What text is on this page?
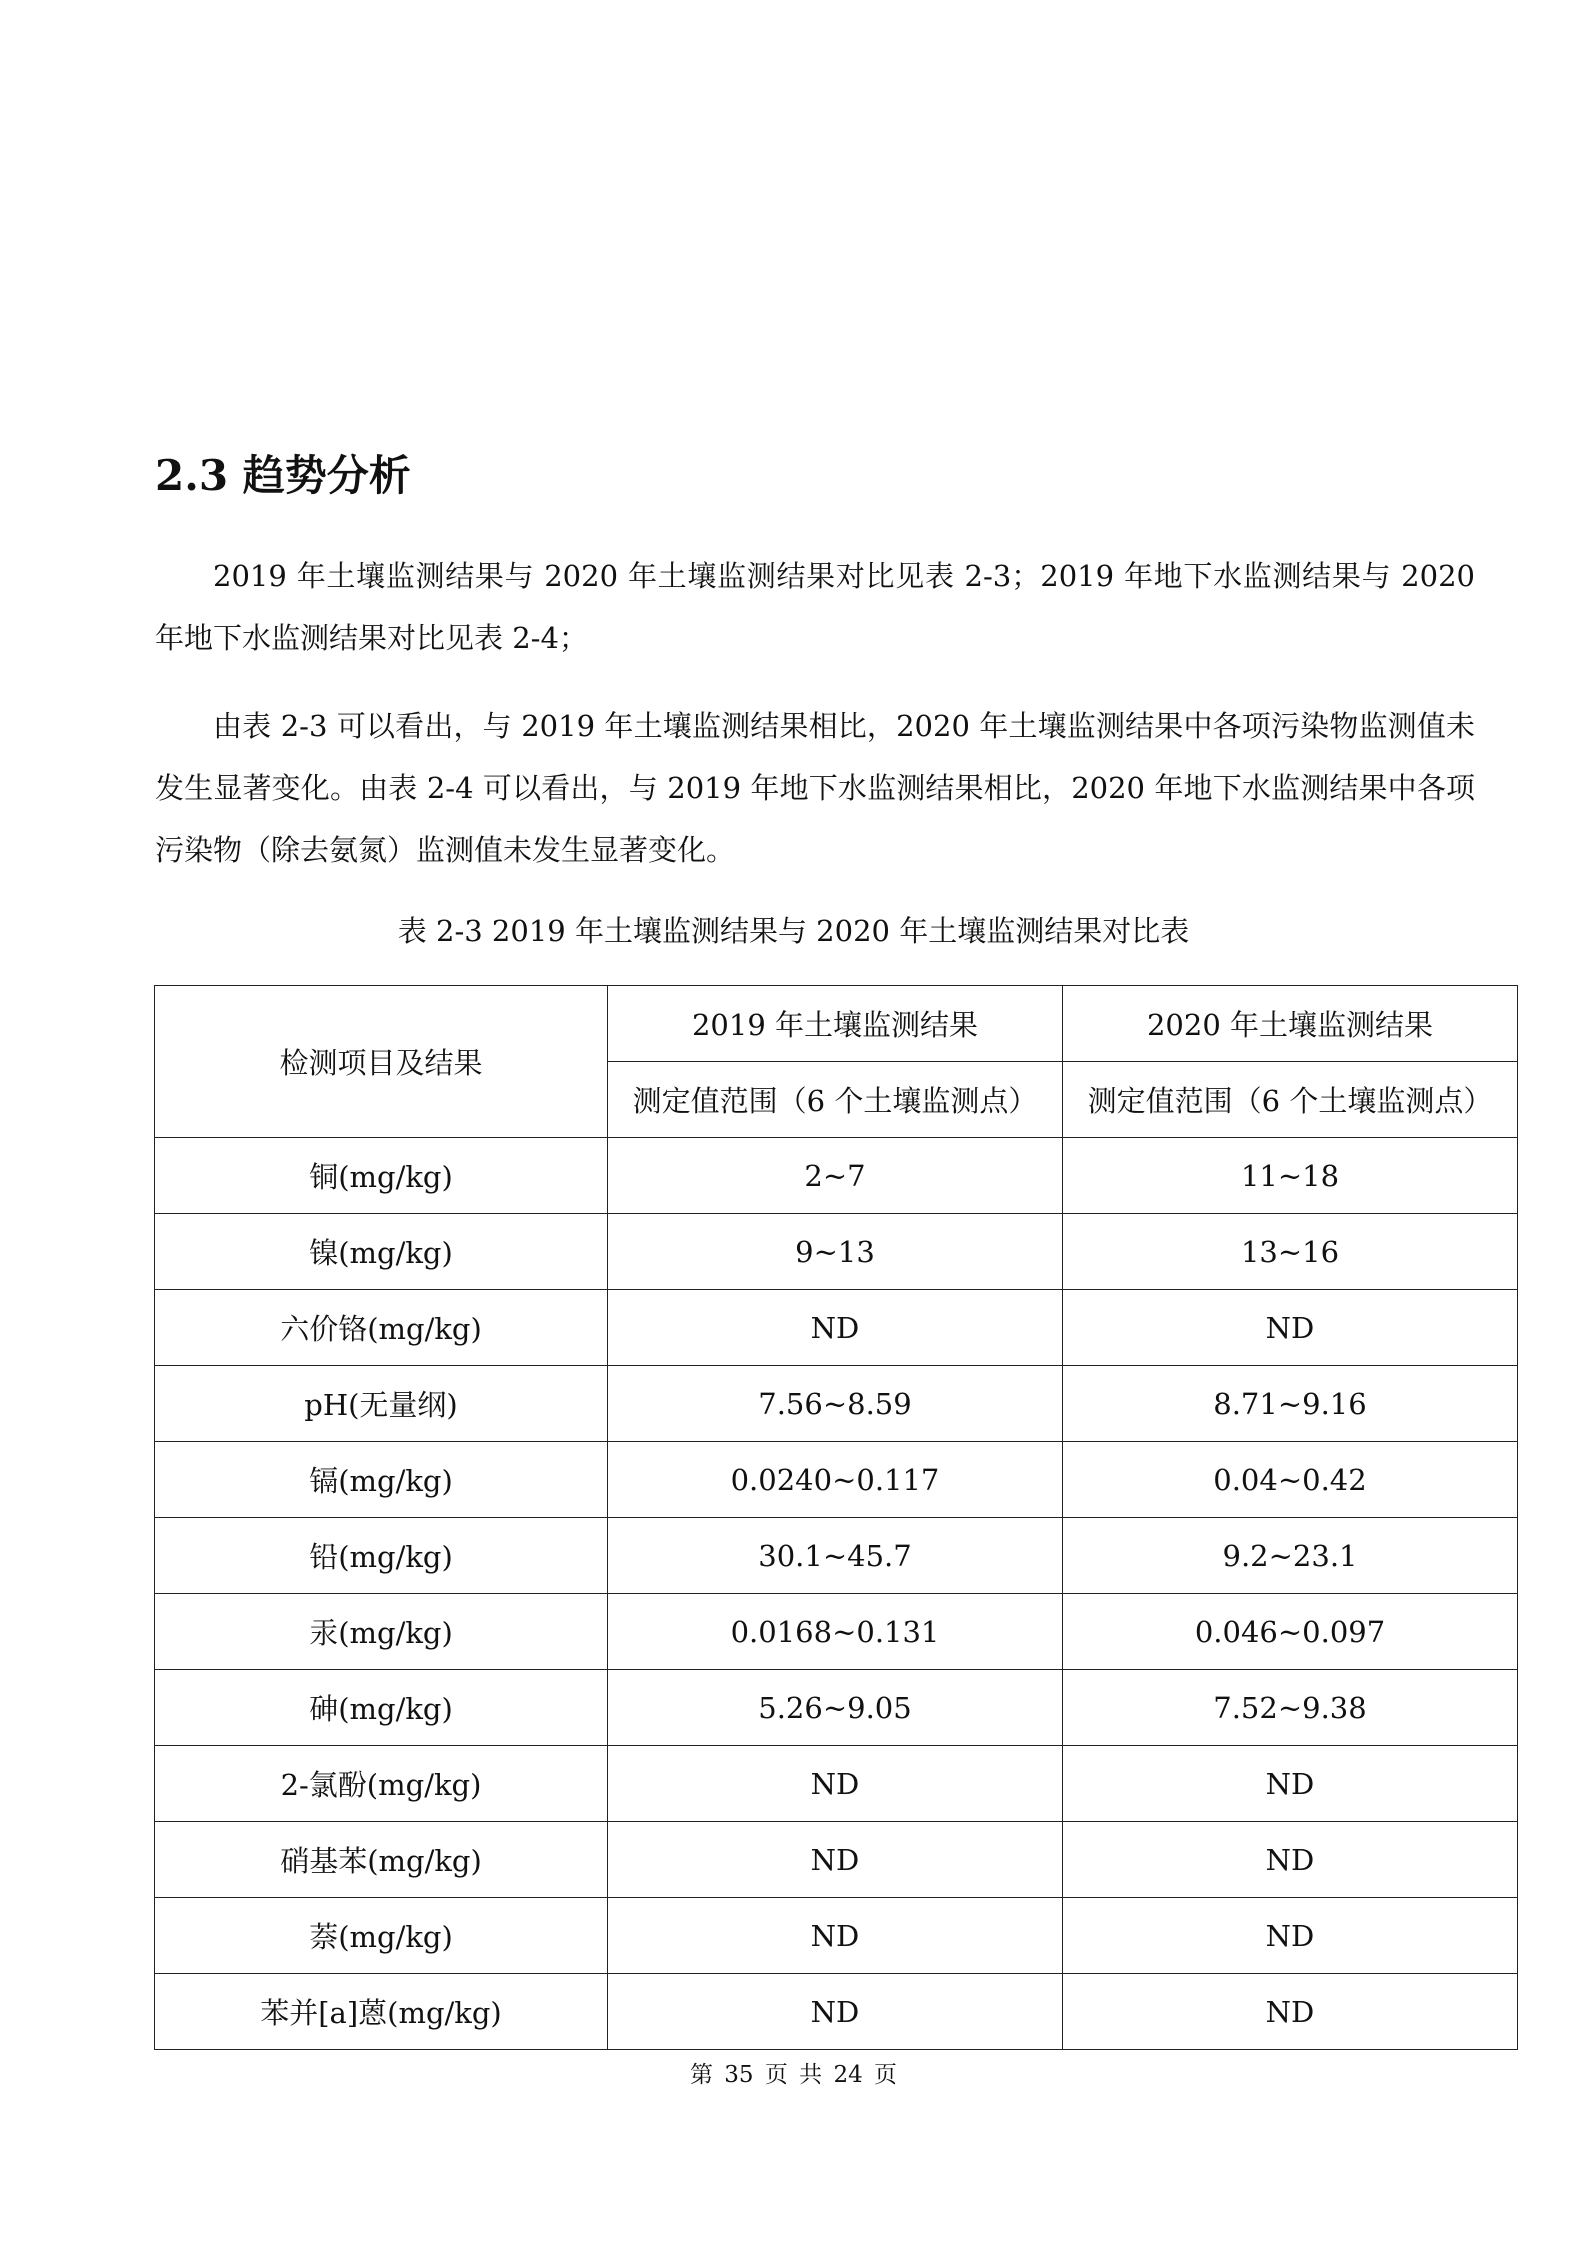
2.3 趋势分析

2019 年土壤监测结果与 2020 年土壤监测结果对比见表 2-3；2019 年地下水监测结果与 2020 年地下水监测结果对比见表 2-4；

由表 2-3 可以看出，与 2019 年土壤监测结果相比，2020 年土壤监测结果中各项污染物监测值未发生显著变化。由表 2-4 可以看出，与 2019 年地下水监测结果相比，2020 年地下水监测结果中各项污染物（除去氨氮）监测值未发生显著变化。

表 2-3 2019 年土壤监测结果与 2020 年土壤监测结果对比表
检测项目及结果	2019 年土壤监测结果	2020 年土壤监测结果
	测定值范围（6 个土壤监测点）	测定值范围（6 个土壤监测点）
铜(mg/kg)	2~7	11~18
镍(mg/kg)	9~13	13~16
六价铬(mg/kg)	ND	ND
pH(无量纲)	7.56~8.59	8.71~9.16
镉(mg/kg)	0.0240~0.117	0.04~0.42
铅(mg/kg)	30.1~45.7	9.2~23.1
汞(mg/kg)	0.0168~0.131	0.046~0.097
砷(mg/kg)	5.26~9.05	7.52~9.38
2-氯酚(mg/kg)	ND	ND
硝基苯(mg/kg)	ND	ND
萘(mg/kg)	ND	ND
苯并[a]蒽(mg/kg)	ND	ND
第 35 页 共 24 页
